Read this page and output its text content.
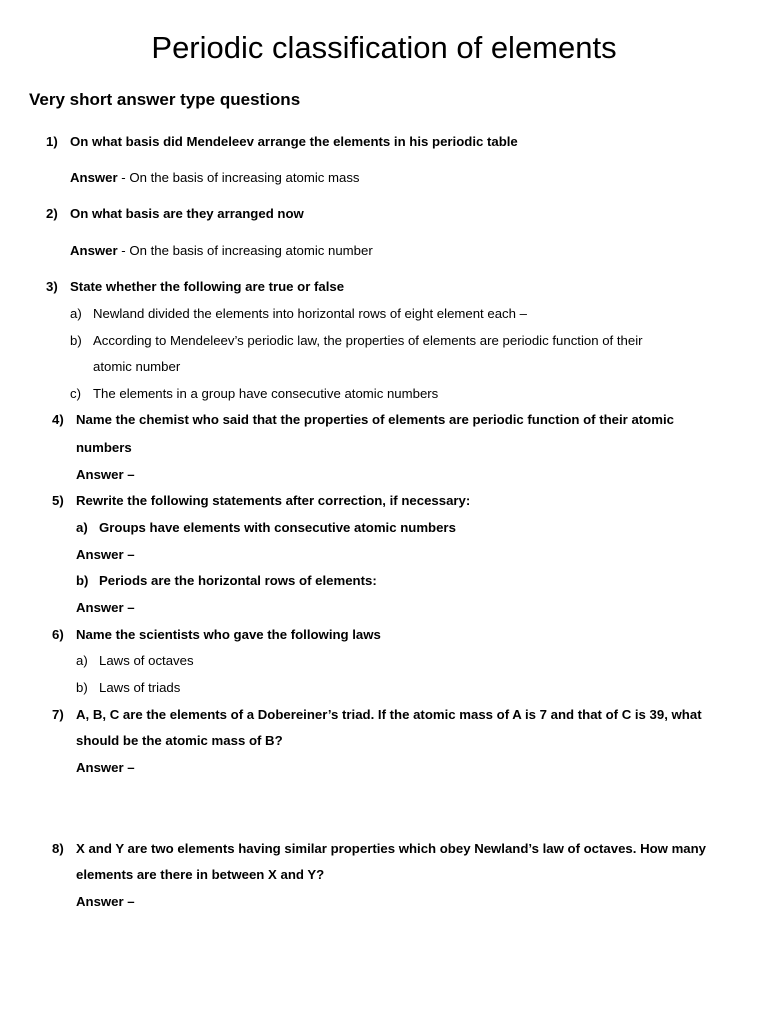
Periodic classification of elements
Very short answer type questions
1) On what basis did Mendeleev arrange the elements in his periodic table
Answer - On the basis of increasing atomic mass
2) On what basis are they arranged now
Answer - On the basis of increasing atomic number
3) State whether the following are true or false
a) Newland divided the elements into horizontal rows of eight element each –
b) According to Mendeleev’s periodic law, the properties of elements are periodic function of their
atomic number
c) The elements in a group have consecutive atomic numbers
4) Name the chemist who said that the properties of elements are periodic function of their atomic
numbers
Answer –
5) Rewrite the following statements after correction, if necessary:
a) Groups have elements with consecutive atomic numbers
Answer –
b) Periods are the horizontal rows of elements:
Answer –
6) Name the scientists who gave the following laws
a) Laws of octaves
b) Laws of triads
7) A, B, C are the elements of a Dobereiner’s triad. If the atomic mass of A is 7 and that of C is 39, what
should be the atomic mass of B?
Answer –
8) X and Y are two elements having similar properties which obey Newland’s law of octaves. How many
elements are there in between X and Y?
Answer –
